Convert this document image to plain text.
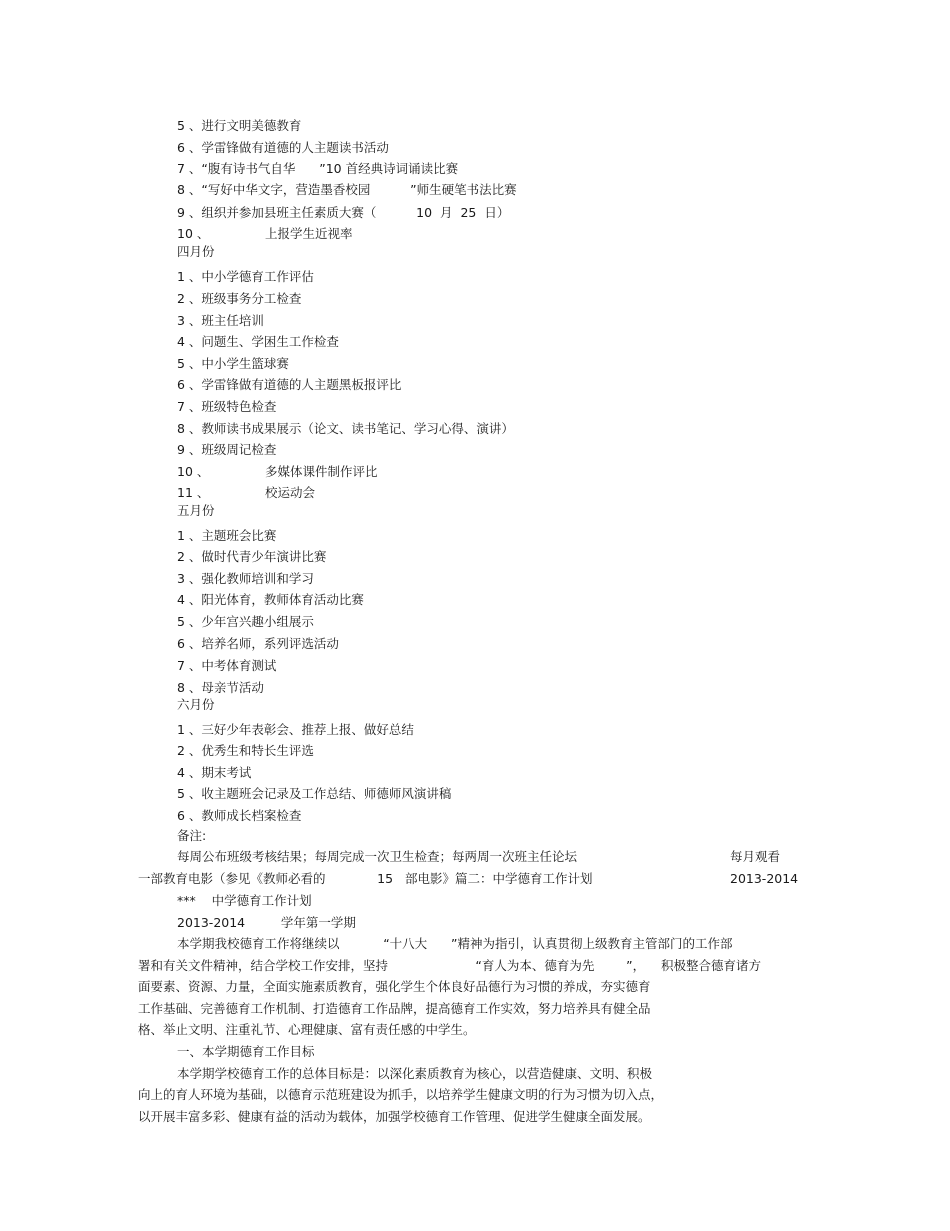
5 、进行文明美德教育
6 、学雷锋做有道德的人主题读书活动
7 、“腹有诗书气自华      ”10 首经典诗词诵读比赛
8 、“写好中华文字，营造墨香校园          ”师生硬笔书法比赛
9 、组织并参加县班主任素质大赛（          10  月  25  日）
10 、              上报学生近视率
四月份
1 、中小学德育工作评估
2 、班级事务分工检查
3 、班主任培训
4 、问题生、学困生工作检查
5 、中小学生篮球赛
6 、学雷锋做有道德的人主题黑板报评比
7 、班级特色检查
8 、教师读书成果展示（论文、读书笔记、学习心得、演讲）
9 、班级周记检查
10 、              多媒体课件制作评比
11 、              校运动会
五月份
1 、主题班会比赛
2 、做时代青少年演讲比赛
3 、强化教师培训和学习
4 、阳光体育，教师体育活动比赛
5 、少年宫兴趣小组展示
6 、培养名师，系列评选活动
7 、中考体育测试
8 、母亲节活动
六月份
1 、三好少年表彰会、推荐上报、做好总结
2 、优秀生和特长生评选
4 、期末考试
5 、收主题班会记录及工作总结、师德师风演讲稿
6 、教师成长档案检查
备注:
每周公布班级考核结果；每周完成一次卫生检查；每两周一次班主任论坛	每月观看
一部教育电影（参见《教师必看的             15   部电影》篇二：中学德育工作计划	2013-2014
***    中学德育工作计划
2013-2014         学年第一学期
本学期我校德育工作将继续以           “十八大      ”精神为指引，认真贯彻上级教育主管部门的工作部
署和有关文件精神，结合学校工作安排，坚持                      “育人为本、德育为先        ”，    积极整合德育诸方
面要素、资源、力量，全面实施素质教育，强化学生个体良好品德行为习惯的养成，夯实德育
工作基础、完善德育工作机制、打造德育工作品牌，提高德育工作实效，努力培养具有健全品
格、举止文明、注重礼节、心理健康、富有责任感的中学生。
一、本学期德育工作目标
本学期学校德育工作的总体目标是：以深化素质教育为核心，以营造健康、文明、积极
向上的育人环境为基础，以德育示范班建设为抓手，以培养学生健康文明的行为习惯为切入点，
以开展丰富多彩、健康有益的活动为载体，加强学校德育工作管理、促进学生健康全面发展。
